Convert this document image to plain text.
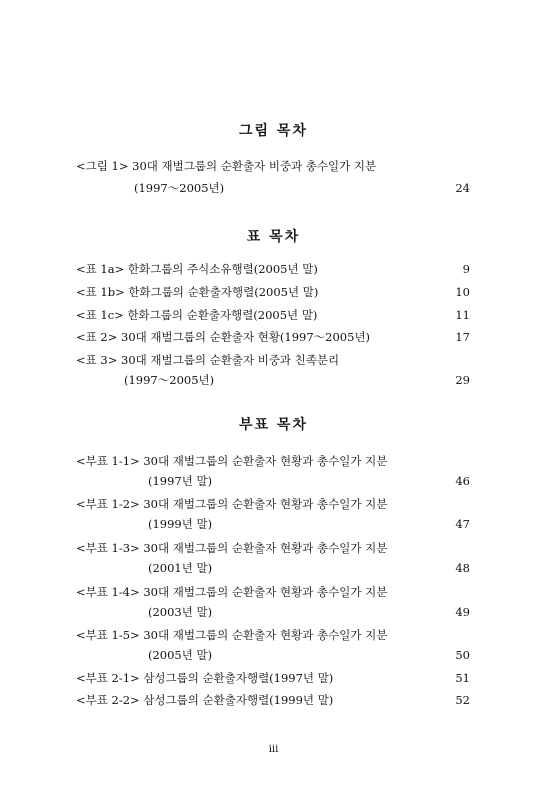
그림 목차
<그림 1> 30대 재벌그룹의 순환출자 비중과 총수일가 지분
(1997～2005년)	24
표 목차
<표 1a> 한화그룹의 주식소유행렬(2005년 말)	9
<표 1b> 한화그룹의 순환출자행렬(2005년 말)	10
<표 1c> 한화그룹의 순환출자행렬(2005년 말)	11
<표 2> 30대 재벌그룹의 순환출자 현황(1997～2005년)	17
<표 3> 30대 재벌그룹의 순환출자 비중과 친족분리
(1997～2005년)	29
부표 목차
<부표 1-1> 30대 재벌그룹의 순환출자 현황과 총수일가 지분
(1997년 말)	46
<부표 1-2> 30대 재벌그룹의 순환출자 현황과 총수일가 지분
(1999년 말)	47
<부표 1-3> 30대 재벌그룹의 순환출자 현황과 총수일가 지분
(2001년 말)	48
<부표 1-4> 30대 재벌그룹의 순환출자 현황과 총수일가 지분
(2003년 말)	49
<부표 1-5> 30대 재벌그룹의 순환출자 현황과 총수일가 지분
(2005년 말)	50
<부표 2-1> 삼성그룹의 순환출자행렬(1997년 말)	51
<부표 2-2> 삼성그룹의 순환출자행렬(1999년 말)	52
iii
